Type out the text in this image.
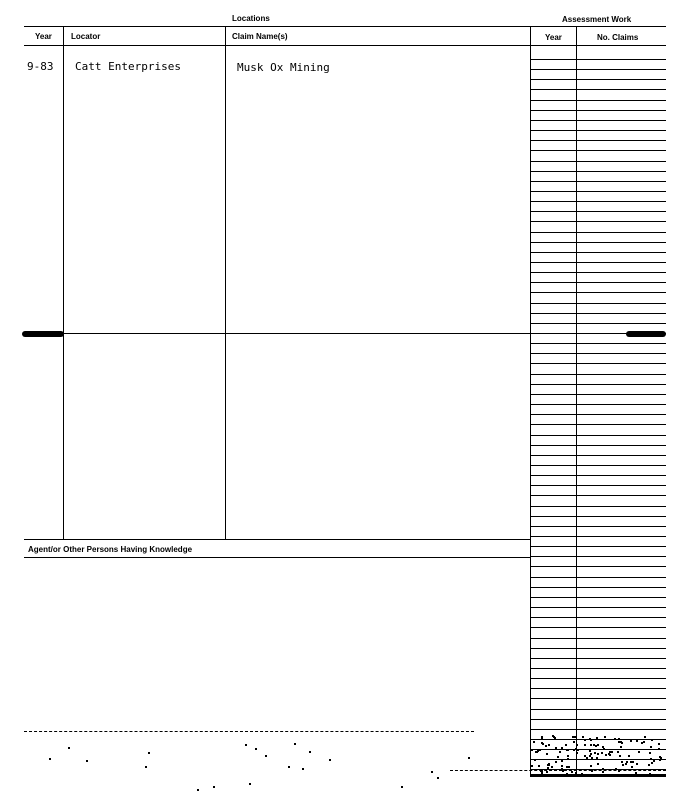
Locations	Assessment Work
Year Locator	Claim Name(s)	Year	No. Claims
9-83 Catt Enterprises	Musk Ox Mining
Agent/or Other Persons Having Knowledge
